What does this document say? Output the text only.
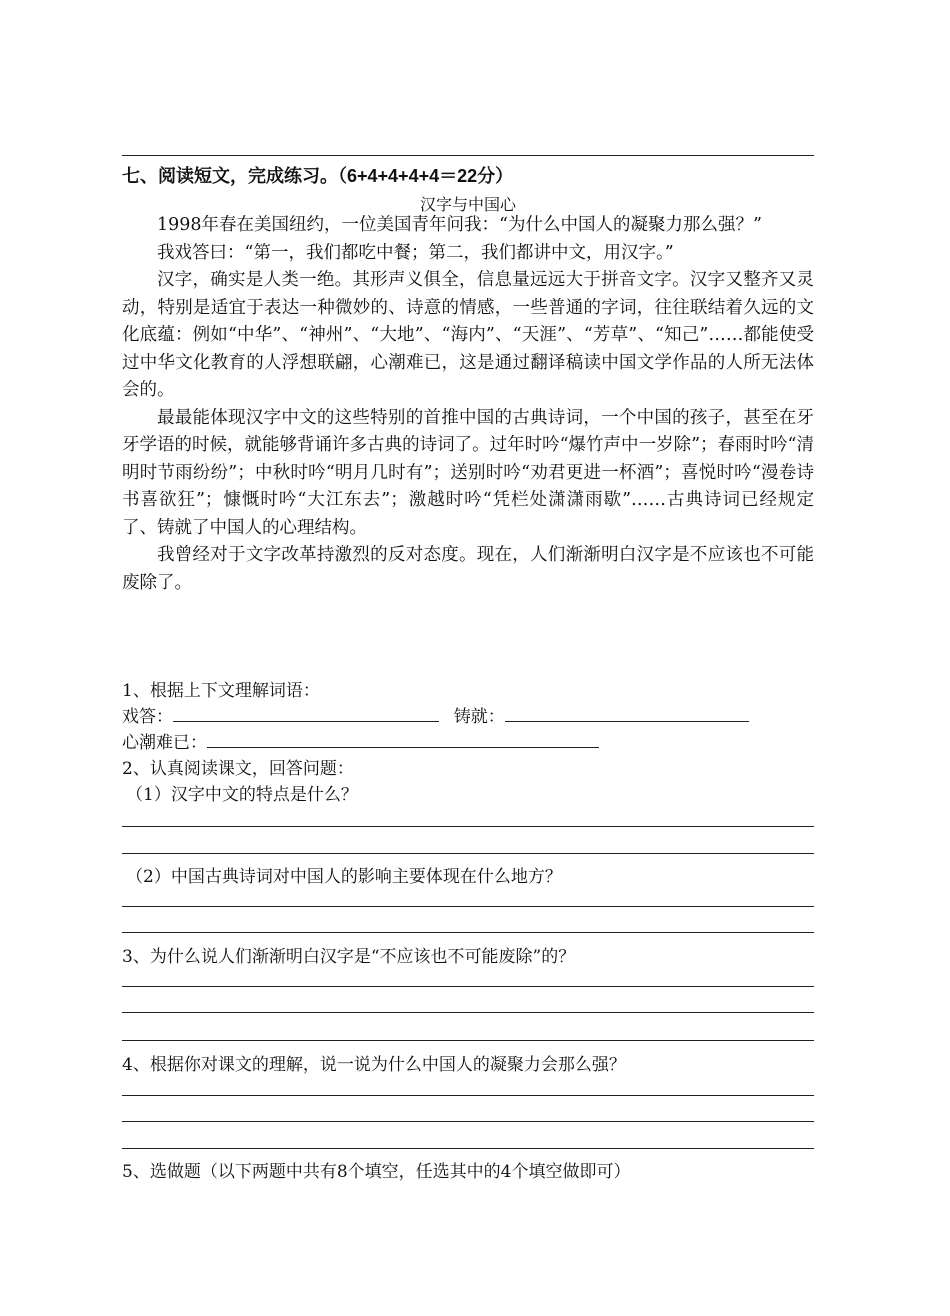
七、阅读短文，完成练习。（6+4+4+4+4＝22分）
汉字与中国心

1998年春在美国纽约，一位美国青年问我：“为什么中国人的凝聚力那么强？”

我戏答曰：“第一，我们都吃中餐；第二，我们都讲中文，用汉字。”

汉字，确实是人类一绝。其形声义俱全，信息量远远大于拼音文字。汉字又整齐又灵动，特别是适宜于表达一种微妙的、诗意的情感，一些普通的字词，往往联结着久远的文化底蕴：例如“中华”、“神州”、“大地”、“海内”、“天涯”、“芳草”、“知己”……都能使受过中华文化教育的人浮想联翩，心潮难已，这是通过翻译稿读中国文学作品的人所无法体会的。

最最能体现汉字中文的这些特别的首推中国的古典诗词，一个中国的孩子，甚至在牙牙学语的时候，就能够背诵许多古典的诗词了。过年时吟“爆竹声中一岁除”；春雨时吟“清明时节雨纷纷”；中秋时吟“明月几时有”；送别时吟“劝君更进一杯酒”；喜悦时吟“漫卷诗书喜欲狂”；慷慨时吟“大江东去”；激越时吟“凭栏处潇潇雨歇”……古典诗词已经规定了、铸就了中国人的心理结构。

我曾经对于文字改革持激烈的反对态度。现在，人们渐渐明白汉字是不应该也不可能废除了。

1、根据上下文理解词语：
戏答：	铸就：
心潮难已：
2、认真阅读课文，回答问题：
（1）汉字中文的特点是什么？
（2）中国古典诗词对中国人的影响主要体现在什么地方？
3、为什么说人们渐渐明白汉字是“不应该也不可能废除”的？
4、根据你对课文的理解，说一说为什么中国人的凝聚力会那么强？
5、选做题（以下两题中共有8个填空，任选其中的4个填空做即可）
